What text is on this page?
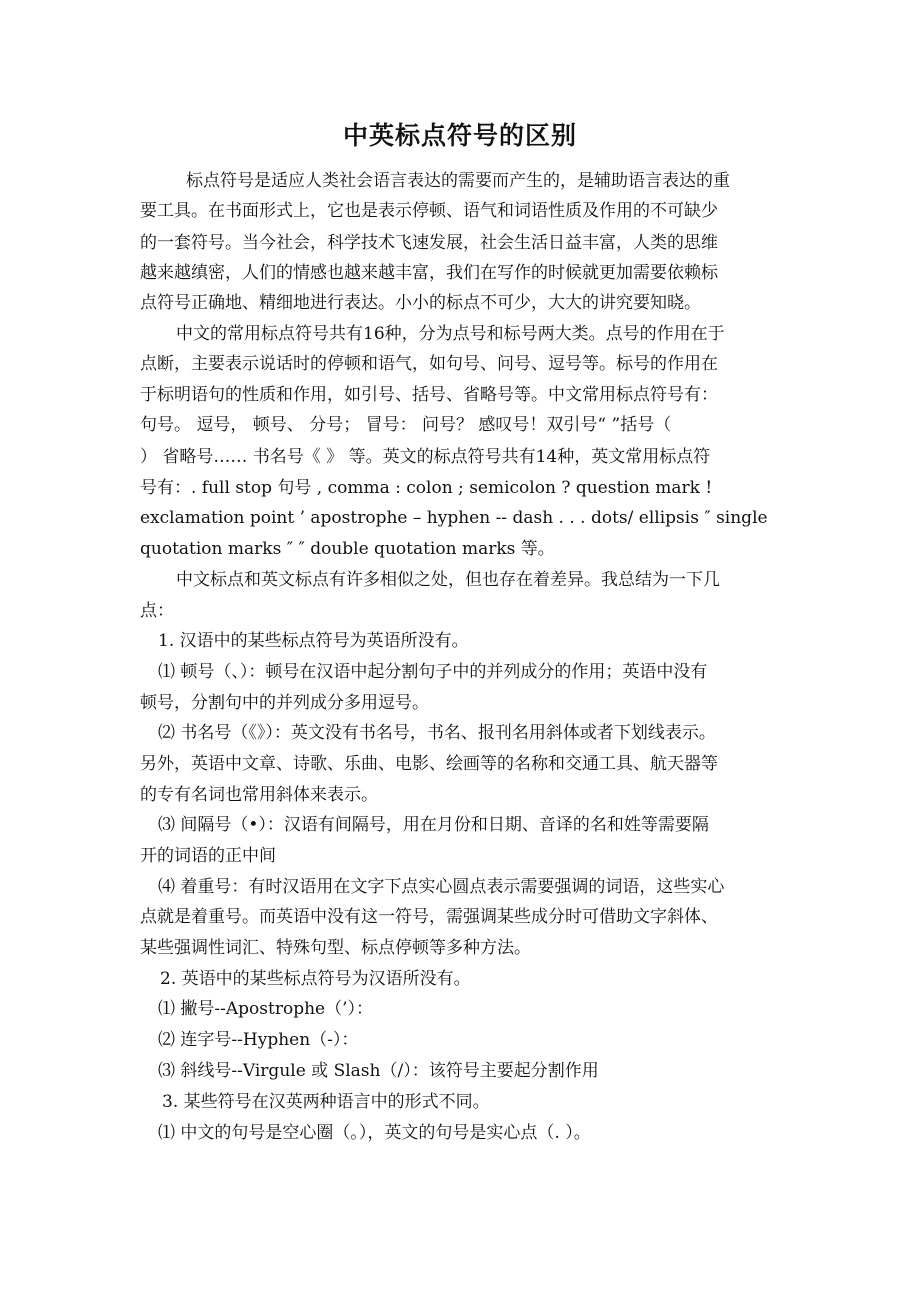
中英标点符号的区别
标点符号是适应人类社会语言表达的需要而产生的，是辅助语言表达的重
要工具。在书面形式上，它也是表示停顿、语气和词语性质及作用的不可缺少
的一套符号。当今社会，科学技术飞速发展，社会生活日益丰富，人类的思维
越来越缜密，人们的情感也越来越丰富，我们在写作的时候就更加需要依赖标
点符号正确地、精细地进行表达。小小的标点不可少，大大的讲究要知晓。
中文的常用标点符号共有16种，分为点号和标号两大类。点号的作用在于
点断，主要表示说话时的停顿和语气，如句号、问号、逗号等。标号的作用在
于标明语句的性质和作用，如引号、括号、省略号等。中文常用标点符号有：
句号。 逗号， 顿号、 分号； 冒号： 问号？ 感叹号！双引号“ ”括号（
） 省略号…… 书名号《 》 等。英文的标点符号共有14种，英文常用标点符
号有：. full stop 句号 , comma : colon ; semicolon ? question mark !
exclamation point ’ apostrophe – hyphen -- dash . . . dots/ ellipsis ″ single
quotation marks ″ ″ double quotation marks 等。
中文标点和英文标点有许多相似之处，但也存在着差异。我总结为一下几
点：
1. 汉语中的某些标点符号为英语所没有。
⑴ 顿号（、）：顿号在汉语中起分割句子中的并列成分的作用；英语中没有
顿号，分割句中的并列成分多用逗号。
⑵ 书名号（《》）：英文没有书名号，书名、报刊名用斜体或者下划线表示。
另外，英语中文章、诗歌、乐曲、电影、绘画等的名称和交通工具、航天器等
的专有名词也常用斜体来表示。
⑶ 间隔号（•）：汉语有间隔号，用在月份和日期、音译的名和姓等需要隔
开的词语的正中间
⑷ 着重号：有时汉语用在文字下点实心圆点表示需要强调的词语，这些实心
点就是着重号。而英语中没有这一符号，需强调某些成分时可借助文字斜体、
某些强调性词汇、特殊句型、标点停顿等多种方法。
2. 英语中的某些标点符号为汉语所没有。
⑴ 撇号--Apostrophe（’）：
⑵ 连字号--Hyphen（-）：
⑶ 斜线号--Virgule 或 Slash（/）：该符号主要起分割作用
3. 某些符号在汉英两种语言中的形式不同。
⑴ 中文的句号是空心圈（。），英文的句号是实心点（. ）。
